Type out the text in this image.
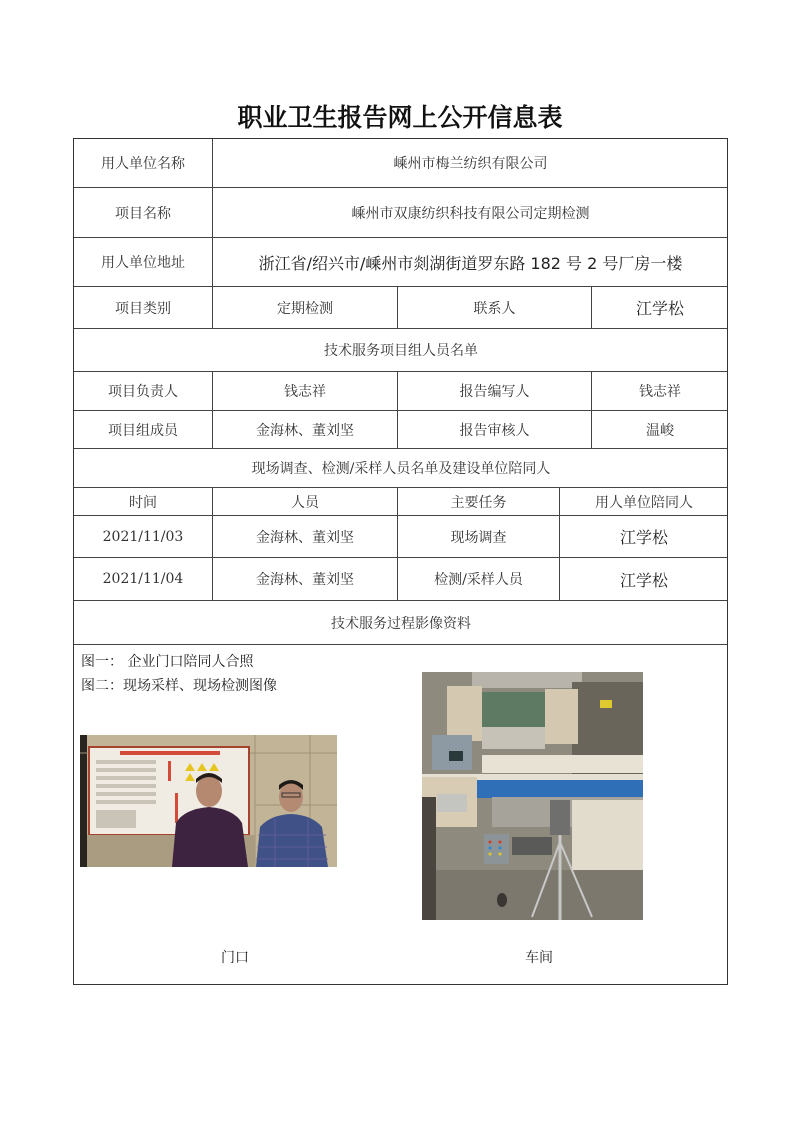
职业卫生报告网上公开信息表
用人单位名称	嵊州市梅兰纺织有限公司
项目名称	嵊州市双康纺织科技有限公司定期检测
用人单位地址	浙江省/绍兴市/嵊州市剡湖街道罗东路 182 号 2 号厂房一楼
项目类别	定期检测	联系人	江学松
技术服务项目组人员名单
项目负责人	钱志祥	报告编写人	钱志祥
项目组成员	金海林、董刘坚	报告审核人	温峻
现场调查、检测/采样人员名单及建设单位陪同人
时间	人员	主要任务	用人单位陪同人
2021/11/03	金海林、董刘坚	现场调查	江学松
2021/11/04	金海林、董刘坚	检测/采样人员	江学松
技术服务过程影像资料
图一： 企业门口陪同人合照
图二：现场采样、现场检测图像
门口	车间
